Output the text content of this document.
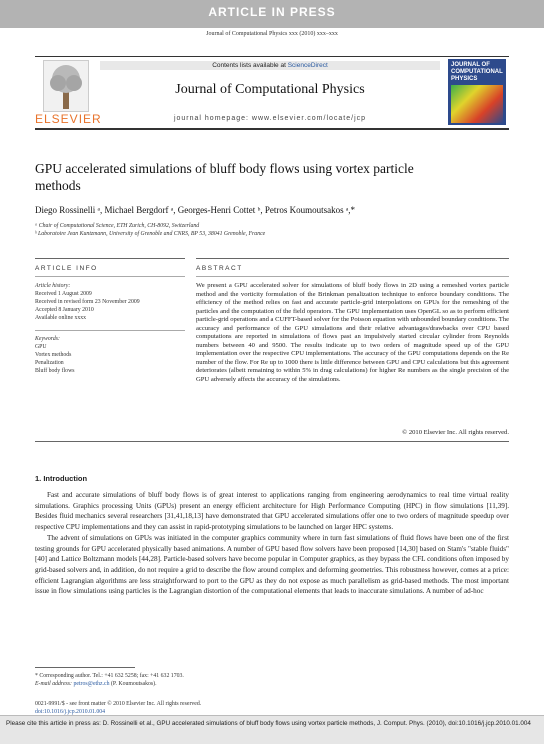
ARTICLE IN PRESS
Journal of Computational Physics xxx (2010) xxx–xxx
ELSEVIER
Contents lists available at ScienceDirect
Journal of Computational Physics
journal homepage: www.elsevier.com/locate/jcp
JOURNAL OF COMPUTATIONAL PHYSICS
GPU accelerated simulations of bluff body flows using vortex particle methods
Diego Rossinelli ᵃ, Michael Bergdorf ᵃ, Georges-Henri Cottet ᵇ, Petros Koumoutsakos ᵃ,*
ᵃ Chair of Computational Science, ETH Zurich, CH-8092, Switzerland
ᵇ Laboratoire Jean Kuntzmann, University of Grenoble and CNRS, BP 53, 38041 Grenoble, France
ARTICLE INFO	ABSTRACT
Article history:
Received 1 August 2009
Received in revised form 23 November 2009
Accepted 8 January 2010
Available online xxxx
Keywords:
GPU
Vortex methods
Penalization
Bluff body flows
We present a GPU accelerated solver for simulations of bluff body flows in 2D using a remeshed vortex particle method and the vorticity formulation of the Brinkman penalization technique to enforce boundary conditions. The efficiency of the method relies on fast and accurate particle-grid interpolations on GPUs for the remeshing of the particles and the computation of the field operators. The GPU implementation uses OpenGL so as to perform efficient particle-grid operations and a CUFFT-based solver for the Poisson equation with unbounded boundary conditions. The accuracy and performance of the GPU simulations and their relative advantages/drawbacks over CPU based computations are reported in simulations of flows past an impulsively started circular cylinder from Reynolds numbers between 40 and 9500. The results indicate up to two orders of magnitude speed up of the GPU implementation over the respective CPU implementations. The accuracy of the GPU computations depends on the Re number of the flow. For Re up to 1000 there is little difference between GPU and CPU calculations but this agreement deteriorates (albeit remaining to within 5% in drag calculations) for higher Re numbers as the single precision of the GPU adversely affects the accuracy of the simulations.
© 2010 Elsevier Inc. All rights reserved.
1. Introduction

Fast and accurate simulations of bluff body flows is of great interest to applications ranging from engineering aerodynamics to real time virtual reality simulations. Graphics processing Units (GPUs) present an energy efficient architecture for High Performance Computing (HPC) in flow simulations [11,39]. Besides fluid mechanics several researchers [31,41,18,13] have demonstrated that GPU accelerated simulations offer one to two orders of magnitude speedup over respective CPU implementations and they can assist in rapid-prototyping simulations to be launched on larger HPC systems.

The advent of simulations on GPUs was initiated in the computer graphics community where in turn fast simulations of fluid flows have been one of the first testing grounds for GPU accelerated physically based animations. A number of GPU based flow solvers have been proposed [14,30] based on Stam's "stable fluids" [40] and Lattice Boltzmann models [44,28]. Particle-based solvers have become popular in Computer graphics, as they bypass the CFL conditions often imposed by grid-based solvers and, in addition, do not require a grid to describe the flow around complex and deforming geometries. This robustness however, comes at a price: efficient Lagrangian algorithms are less straightforward to port to the GPU as they do not expose as much parallelism as grid-based methods. The most important issue in flow simulations using particles is the Lagrangian distortion of the computational elements that leads to inaccurate simulations. A number of ad-hoc

* Corresponding author. Tel.: +41 632 5258; fax: +41 632 1703.
E-mail address: petros@ethz.ch (P. Koumoutsakos).
0021-9991/$ - see front matter © 2010 Elsevier Inc. All rights reserved.
doi:10.1016/j.jcp.2010.01.004
Please cite this article in press as: D. Rossinelli et al., GPU accelerated simulations of bluff body flows using vortex particle methods, J. Comput. Phys. (2010), doi:10.1016/j.jcp.2010.01.004
